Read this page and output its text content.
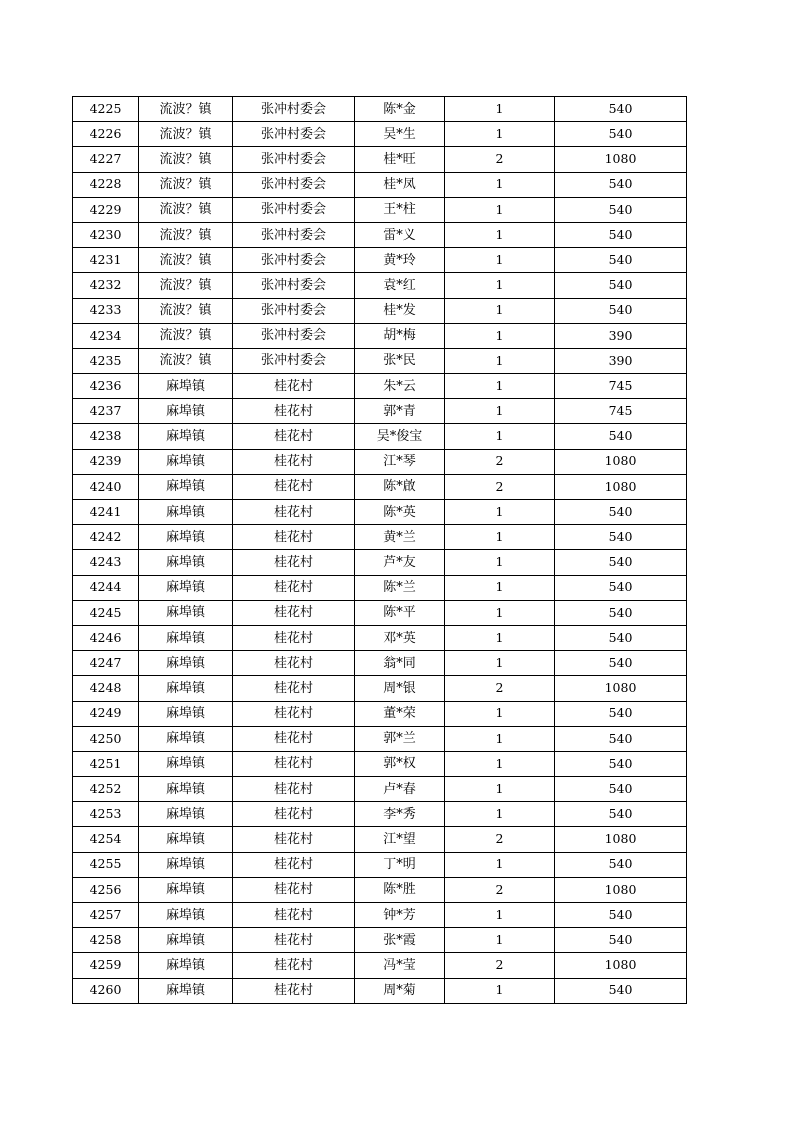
4225	流波？镇	张冲村委会	陈*金	1	540
4226	流波？镇	张冲村委会	吴*生	1	540
4227	流波？镇	张冲村委会	桂*旺	2	1080
4228	流波？镇	张冲村委会	桂*凤	1	540
4229	流波？镇	张冲村委会	王*柱	1	540
4230	流波？镇	张冲村委会	雷*义	1	540
4231	流波？镇	张冲村委会	黄*玲	1	540
4232	流波？镇	张冲村委会	袁*红	1	540
4233	流波？镇	张冲村委会	桂*发	1	540
4234	流波？镇	张冲村委会	胡*梅	1	390
4235	流波？镇	张冲村委会	张*民	1	390
4236	麻埠镇	桂花村	朱*云	1	745
4237	麻埠镇	桂花村	郭*青	1	745
4238	麻埠镇	桂花村	吴*俊宝	1	540
4239	麻埠镇	桂花村	江*琴	2	1080
4240	麻埠镇	桂花村	陈*啟	2	1080
4241	麻埠镇	桂花村	陈*英	1	540
4242	麻埠镇	桂花村	黄*兰	1	540
4243	麻埠镇	桂花村	芦*友	1	540
4244	麻埠镇	桂花村	陈*兰	1	540
4245	麻埠镇	桂花村	陈*平	1	540
4246	麻埠镇	桂花村	邓*英	1	540
4247	麻埠镇	桂花村	翁*同	1	540
4248	麻埠镇	桂花村	周*银	2	1080
4249	麻埠镇	桂花村	董*荣	1	540
4250	麻埠镇	桂花村	郭*兰	1	540
4251	麻埠镇	桂花村	郭*权	1	540
4252	麻埠镇	桂花村	卢*春	1	540
4253	麻埠镇	桂花村	李*秀	1	540
4254	麻埠镇	桂花村	江*望	2	1080
4255	麻埠镇	桂花村	丁*明	1	540
4256	麻埠镇	桂花村	陈*胜	2	1080
4257	麻埠镇	桂花村	钟*芳	1	540
4258	麻埠镇	桂花村	张*霞	1	540
4259	麻埠镇	桂花村	冯*莹	2	1080
4260	麻埠镇	桂花村	周*菊	1	540
